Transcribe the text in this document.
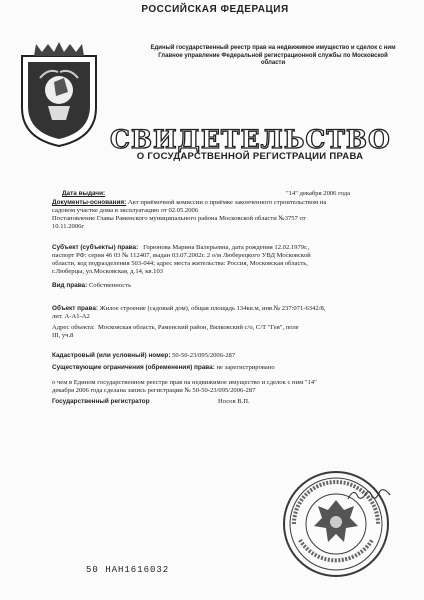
РОССИЙСКАЯ ФЕДЕРАЦИЯ
Единый государственный реестр прав на недвижимое имущество и сделок с ним
Главное управление Федеральной регистрационной службы по Московской области
СВИДЕТЕЛЬСТВО
О ГОСУДАРСТВЕННОЙ РЕГИСТРАЦИИ ПРАВА
Дата выдачи:	"14" декабря 2006 года
Документы-основания: Акт приёмочной комиссии о приёмке законченного строительством на
садовом участке дома в эксплуатацию от 02.05.2006
Постановление Главы Раменского муниципального района Московской области №3757 от
10.11.2006г
Субъект (субъекты) права: Горюнова Марина Валерьевна, дата рождения 12.02.1979г.,
паспорт РФ: серия 46 03 № 112407, выдан 03.07.2002г. 2 о/м Люберецкого УВД Московской
области, код подразделения 503-044; адрес места жительства: Россия, Московская область,
г.Люберцы, ул.Московская, д.14, кв.103
Вид права: Собственность
Объект права: Жилое строение (садовый дом), общая площадь 134кв.м, инв.№ 237:071-6342/8,
лит. А-А1-А2
Адрес объекта: Московская область, Раменский район, Вялковский с/о, С/Т "Гея", поле
III, уч.8
Кадастровый (или условный) номер: 50-50-23/095/2006-287
Существующие ограничения (обременения) права: не зарегистрировано
о чем в Едином государственном реестре прав на недвижимое имущество и сделок с ним "14"
декабря 2006 года сделана запись регистрации № 50-50-23/095/2006-287
Государственный регистратор	Носов В.П.
50 НАН1616032
